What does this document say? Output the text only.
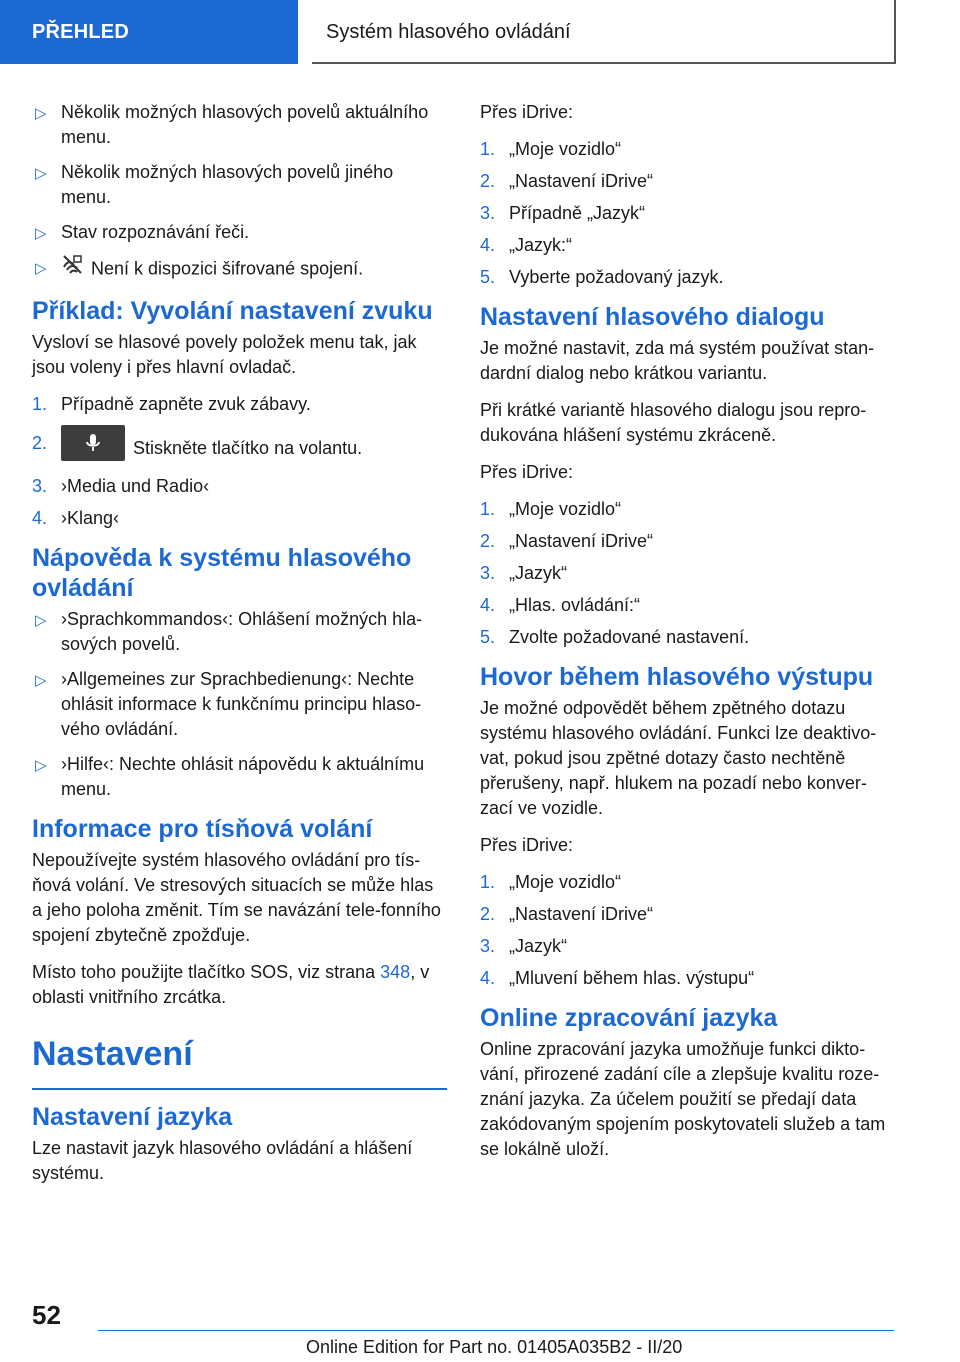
PŘEHLED	Systém hlasového ovládání
▷ Několik možných hlasových povelů aktuálního menu.
▷ Několik možných hlasových povelů jiného menu.
▷ Stav rozpoznávání řeči.
▷ Není k dispozici šifrované spojení.
Příklad: Vyvolání nastavení zvuku

Vysloví se hlasové povely položek menu tak, jak jsou voleny i přes hlavní ovladač.

1. Případně zapněte zvuk zábavy.
2.	Stiskněte tlačítko na volantu.
3. ›Media und Radio‹
4. ›Klang‹
Nápověda k systému hlasového ovládání
▷ ›Sprachkommandos‹: Ohlášení možných hla-sových povelů.
▷ ›Allgemeines zur Sprachbedienung‹: Nechte ohlásit informace k funkčnímu principu hlaso-vého ovládání.
▷ ›Hilfe‹: Nechte ohlásit nápovědu k aktuálnímu menu.
Informace pro tísňová volání

Nepoužívejte systém hlasového ovládání pro tís-ňová volání. Ve stresových situacích se může hlas a jeho poloha změnit. Tím se navázání tele-fonního spojení zbytečně zpožďuje.

Místo toho použijte tlačítko SOS, viz strana 348, v oblasti vnitřního zrcátka.

Nastavení
Nastavení jazyka

Lze nastavit jazyk hlasového ovládání a hlášení systému.

Přes iDrive:

1. „Moje vozidlo“
2. „Nastavení iDrive“
3. Případně „Jazyk“
4. „Jazyk:“
5. Vyberte požadovaný jazyk.
Nastavení hlasového dialogu

Je možné nastavit, zda má systém používat stan-dardní dialog nebo krátkou variantu.

Při krátké variantě hlasového dialogu jsou repro-dukována hlášení systému zkráceně.

Přes iDrive:

1. „Moje vozidlo“
2. „Nastavení iDrive“
3. „Jazyk“
4. „Hlas. ovládání:“
5. Zvolte požadované nastavení.
Hovor během hlasového výstupu

Je možné odpovědět během zpětného dotazu systému hlasového ovládání. Funkci lze deaktivo-vat, pokud jsou zpětné dotazy často nechtěně přerušeny, např. hlukem na pozadí nebo konver-zací ve vozidle.

Přes iDrive:

1. „Moje vozidlo“
2. „Nastavení iDrive“
3. „Jazyk“
4. „Mluvení během hlas. výstupu“
Online zpracování jazyka

Online zpracování jazyka umožňuje funkci dikto-vání, přirozené zadání cíle a zlepšuje kvalitu roze-znání jazyka. Za účelem použití se předají data zakódovaným spojením poskytovateli služeb a tam se lokálně uloží.

52
Online Edition for Part no. 01405A035B2 - II/20
